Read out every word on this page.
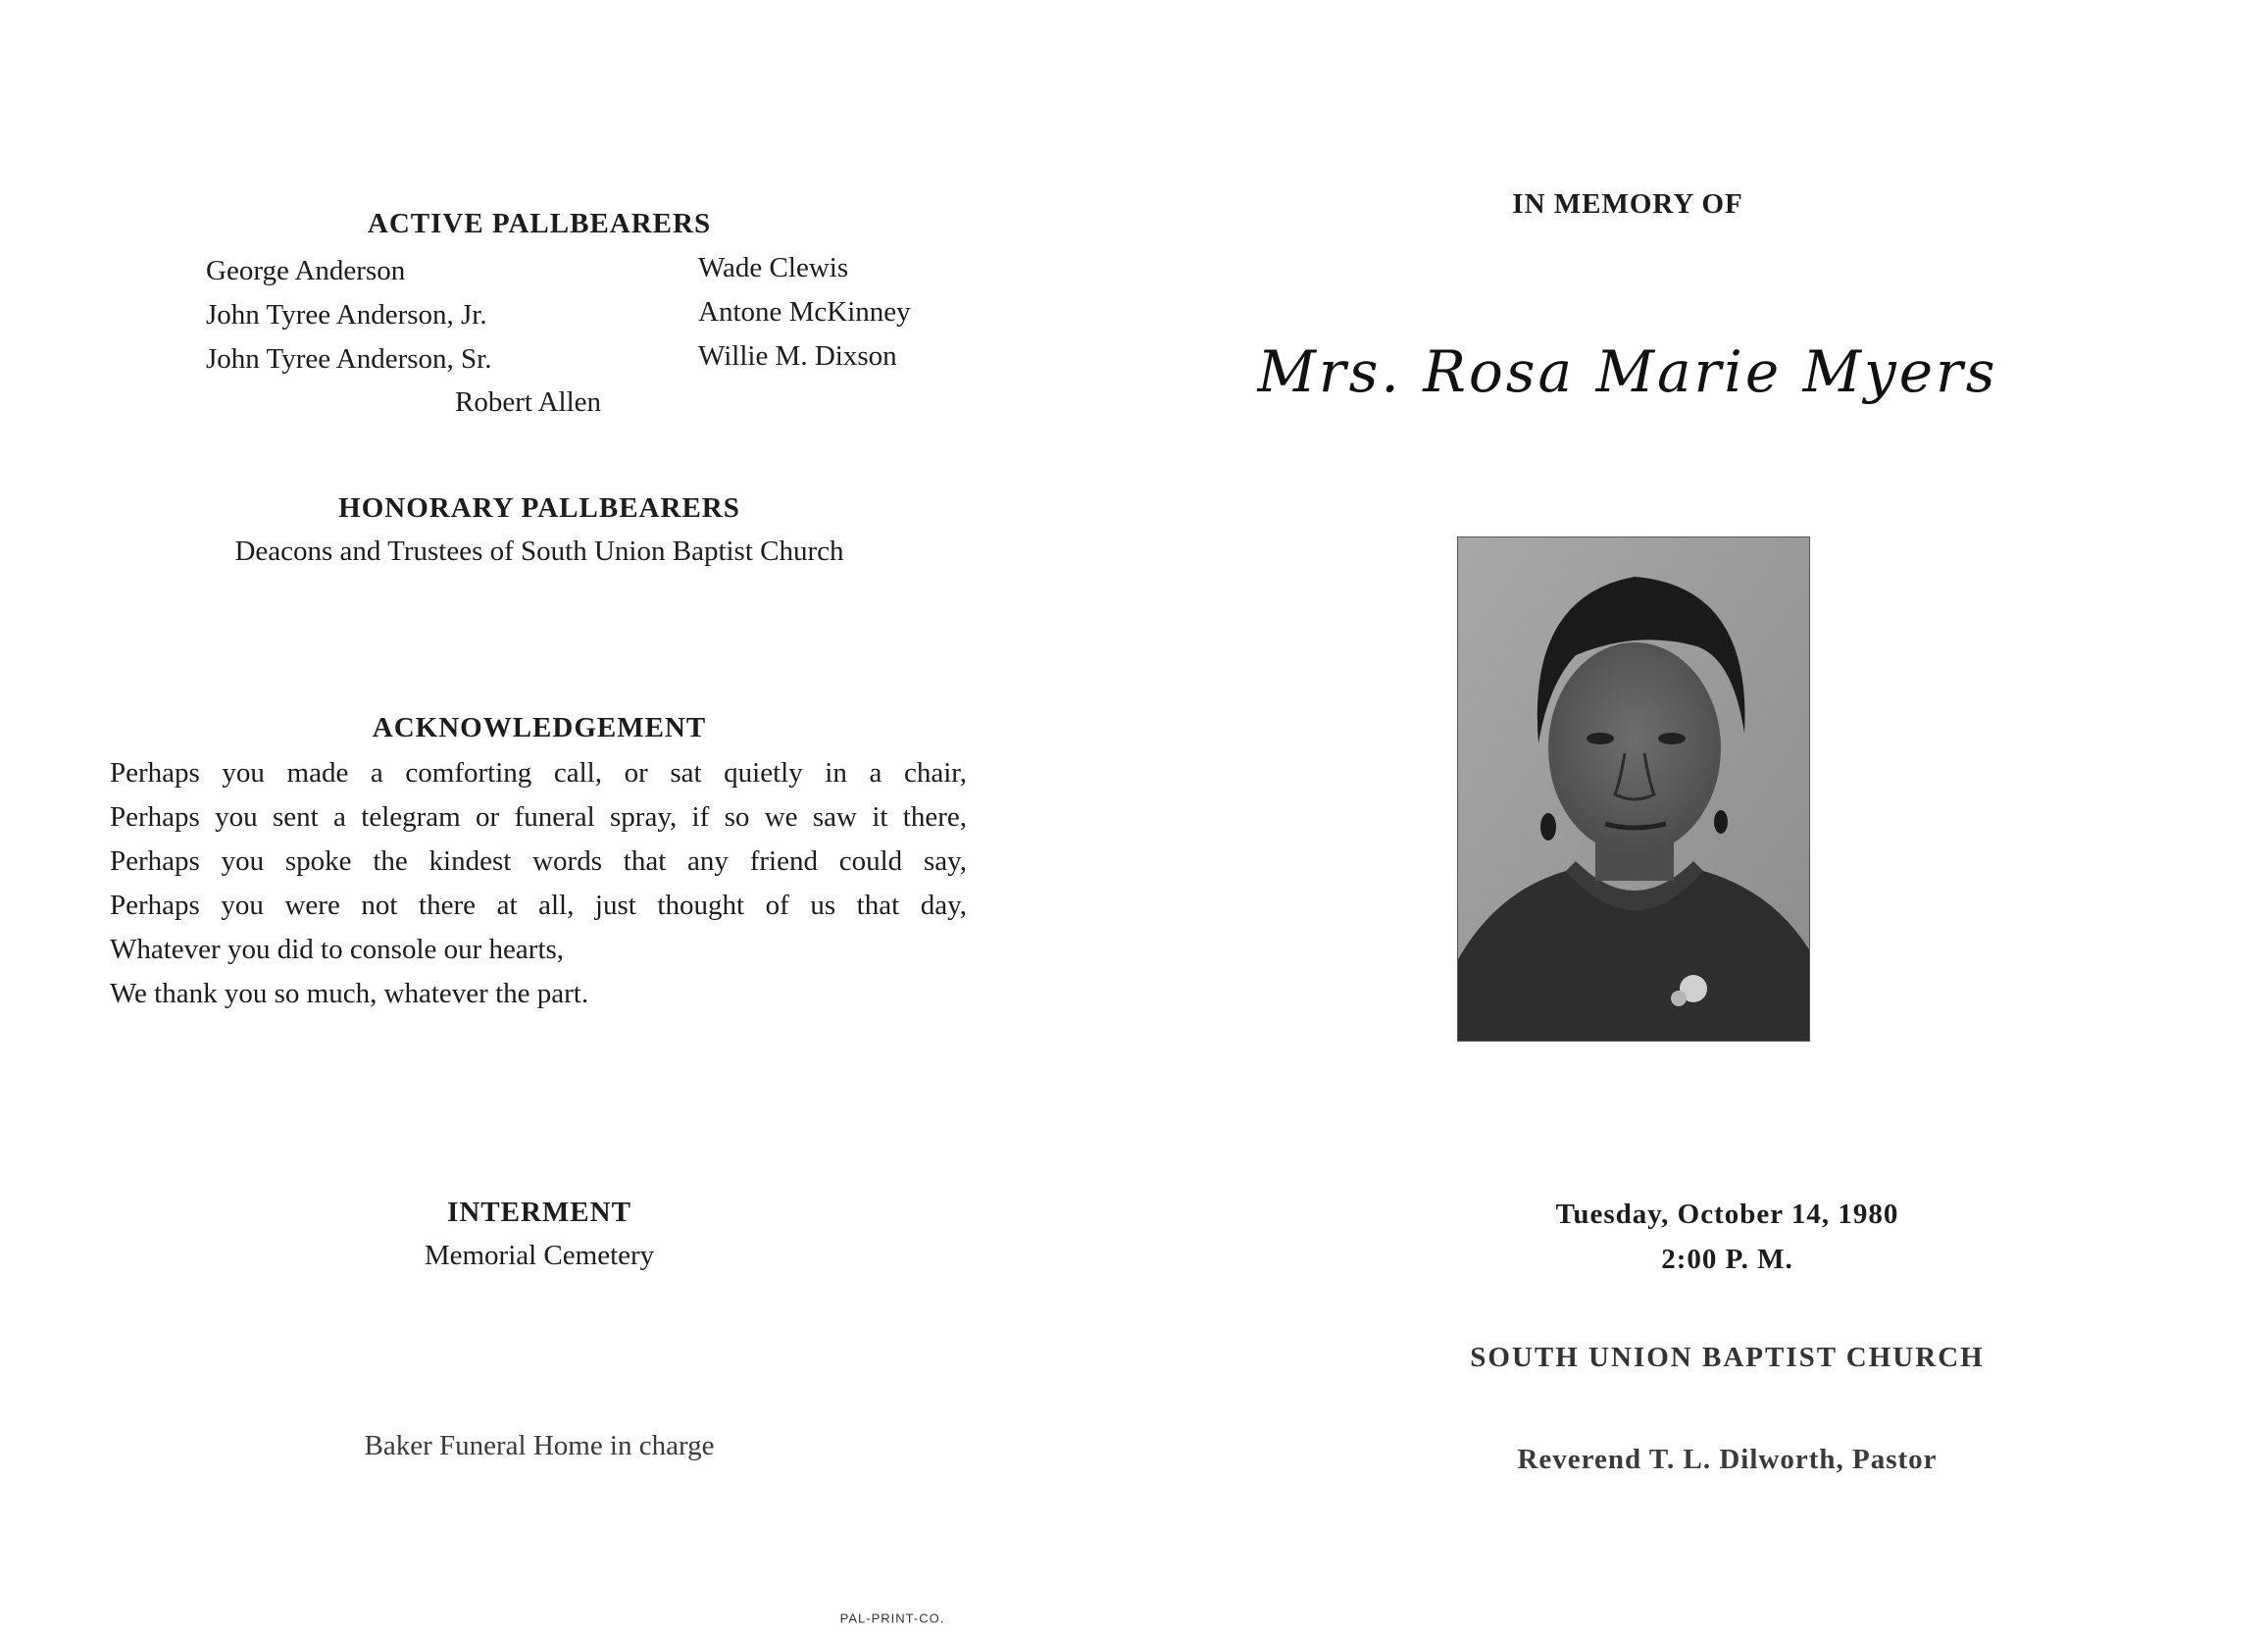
ACTIVE PALLBEARERS
George Anderson
John Tyree Anderson, Jr.
John Tyree Anderson, Sr.
Wade Clewis
Antone McKinney
Willie M. Dixson
Robert Allen
HONORARY PALLBEARERS
Deacons and Trustees of South Union Baptist Church
ACKNOWLEDGEMENT
Perhaps you made a comforting call, or sat quietly in a chair,
Perhaps you sent a telegram or funeral spray, if so we saw it there,
Perhaps you spoke the kindest words that any friend could say,
Perhaps you were not there at all, just thought of us that day,
Whatever you did to console our hearts,
We thank you so much, whatever the part.
INTERMENT
Memorial Cemetery
Baker Funeral Home in charge
PAL-PRINT-CO.
IN MEMORY OF
Mrs. Rosa Marie Myers
Tuesday, October 14, 1980
2:00 P. M.
SOUTH UNION BAPTIST CHURCH
Reverend T. L. Dilworth, Pastor
